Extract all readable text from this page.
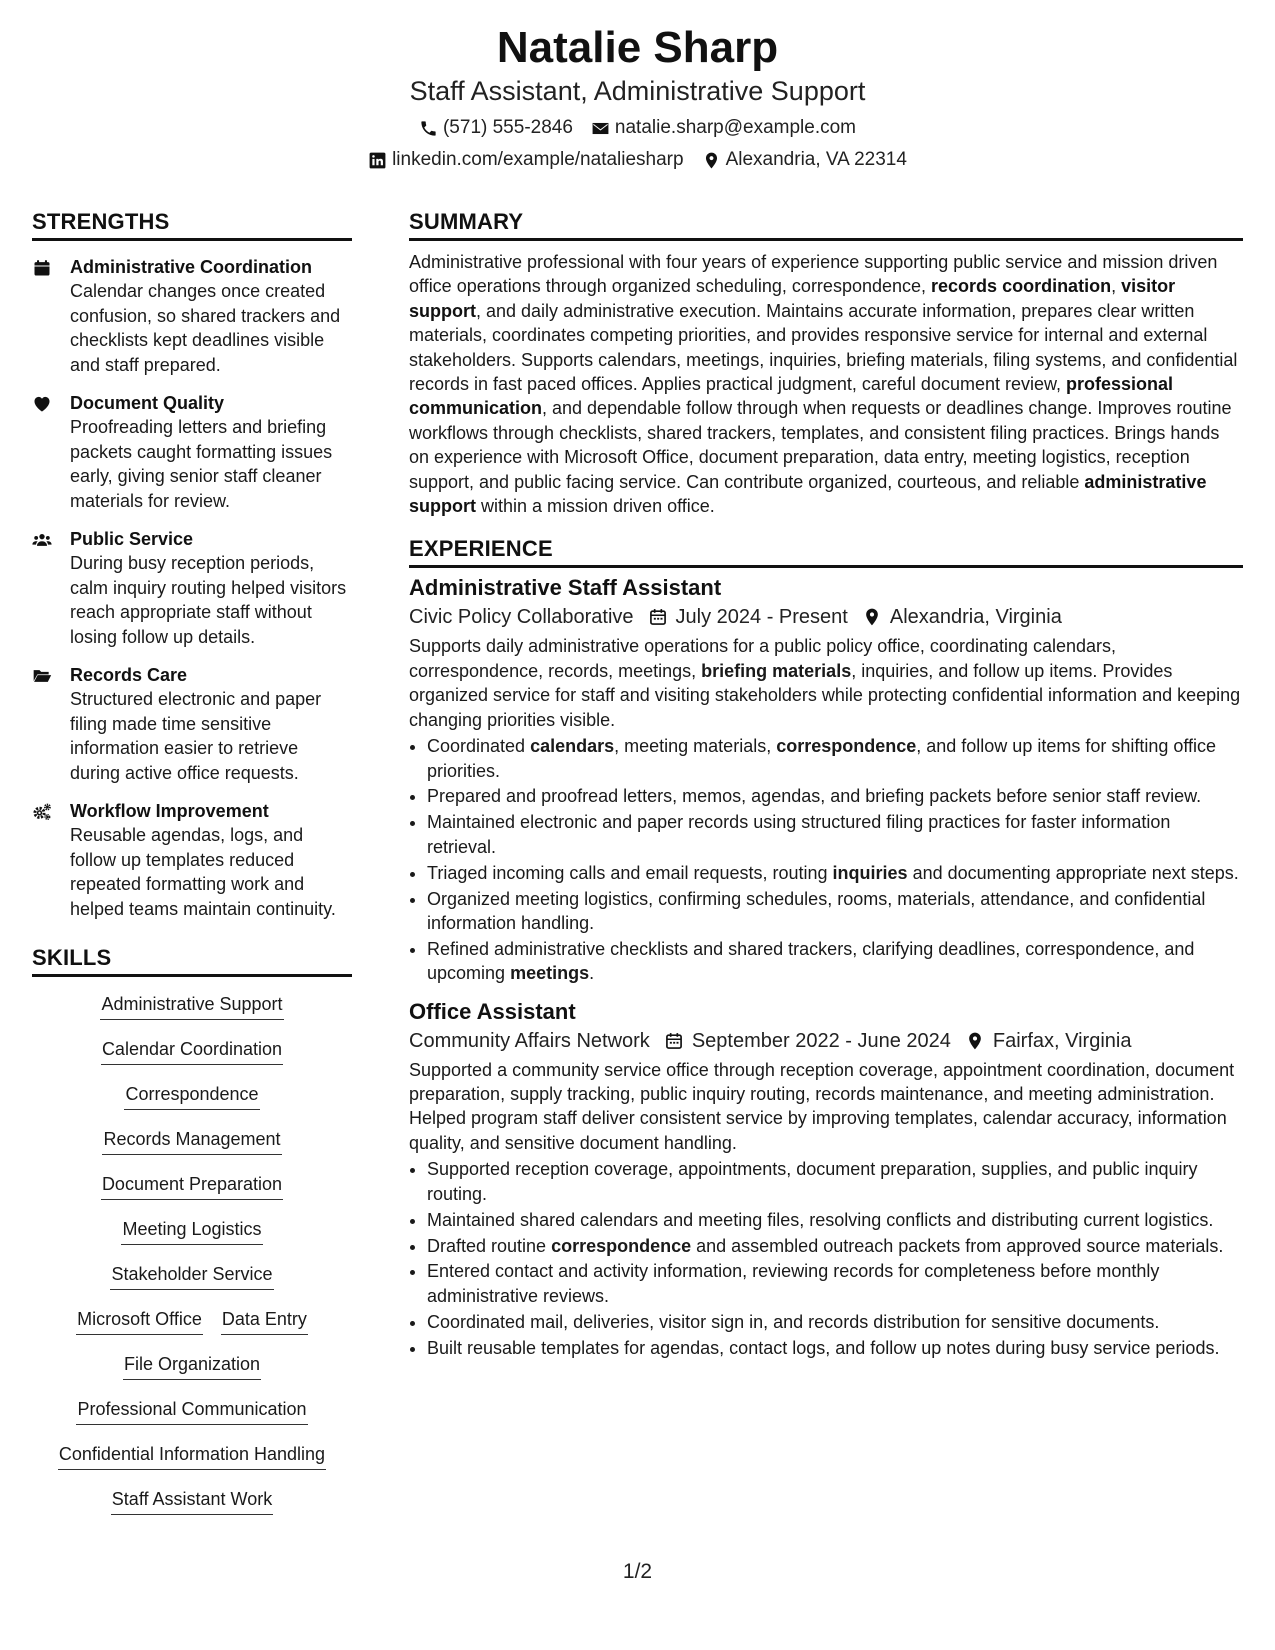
Natalie Sharp
Staff Assistant, Administrative Support
(571) 555-2846 natalie.sharp@example.com
linkedin.com/example/nataliesharp Alexandria, VA 22314
STRENGTHS
Administrative Coordination
Calendar changes once created confusion, so shared trackers and checklists kept deadlines visible and staff prepared.
Document Quality
Proofreading letters and briefing packets caught formatting issues early, giving senior staff cleaner materials for review.
Public Service
During busy reception periods, calm inquiry routing helped visitors reach appropriate staff without losing follow up details.
Records Care
Structured electronic and paper filing made time sensitive information easier to retrieve during active office requests.
Workflow Improvement
Reusable agendas, logs, and follow up templates reduced repeated formatting work and helped teams maintain continuity.
SKILLS
Administrative Support
Calendar Coordination
Correspondence
Records Management
Document Preparation
Meeting Logistics
Stakeholder Service
Microsoft Office Data Entry
File Organization
Professional Communication
Confidential Information Handling
Staff Assistant Work
SUMMARY
Administrative professional with four years of experience supporting public service and mission driven office operations through organized scheduling, correspondence, records coordination, visitor support, and daily administrative execution. Maintains accurate information, prepares clear written materials, coordinates competing priorities, and provides responsive service for internal and external stakeholders. Supports calendars, meetings, inquiries, briefing materials, filing systems, and confidential records in fast paced offices. Applies practical judgment, careful document review, professional communication, and dependable follow through when requests or deadlines change. Improves routine workflows through checklists, shared trackers, templates, and consistent filing practices. Brings hands on experience with Microsoft Office, document preparation, data entry, meeting logistics, reception support, and public facing service. Can contribute organized, courteous, and reliable administrative support within a mission driven office.
EXPERIENCE
Administrative Staff Assistant
Civic Policy Collaborative July 2024 - Present Alexandria, Virginia
Supports daily administrative operations for a public policy office, coordinating calendars, correspondence, records, meetings, briefing materials, inquiries, and follow up items. Provides organized service for staff and visiting stakeholders while protecting confidential information and keeping changing priorities visible.
• Coordinated calendars, meeting materials, correspondence, and follow up items for shifting office priorities.
• Prepared and proofread letters, memos, agendas, and briefing packets before senior staff review.
• Maintained electronic and paper records using structured filing practices for faster information retrieval.
• Triaged incoming calls and email requests, routing inquiries and documenting appropriate next steps.
• Organized meeting logistics, confirming schedules, rooms, materials, attendance, and confidential information handling.
• Refined administrative checklists and shared trackers, clarifying deadlines, correspondence, and upcoming meetings.
Office Assistant
Community Affairs Network September 2022 - June 2024 Fairfax, Virginia
Supported a community service office through reception coverage, appointment coordination, document preparation, supply tracking, public inquiry routing, records maintenance, and meeting administration. Helped program staff deliver consistent service by improving templates, calendar accuracy, information quality, and sensitive document handling.
• Supported reception coverage, appointments, document preparation, supplies, and public inquiry routing.
• Maintained shared calendars and meeting files, resolving conflicts and distributing current logistics.
• Drafted routine correspondence and assembled outreach packets from approved source materials.
• Entered contact and activity information, reviewing records for completeness before monthly administrative reviews.
• Coordinated mail, deliveries, visitor sign in, and records distribution for sensitive documents.
• Built reusable templates for agendas, contact logs, and follow up notes during busy service periods.
1/2
